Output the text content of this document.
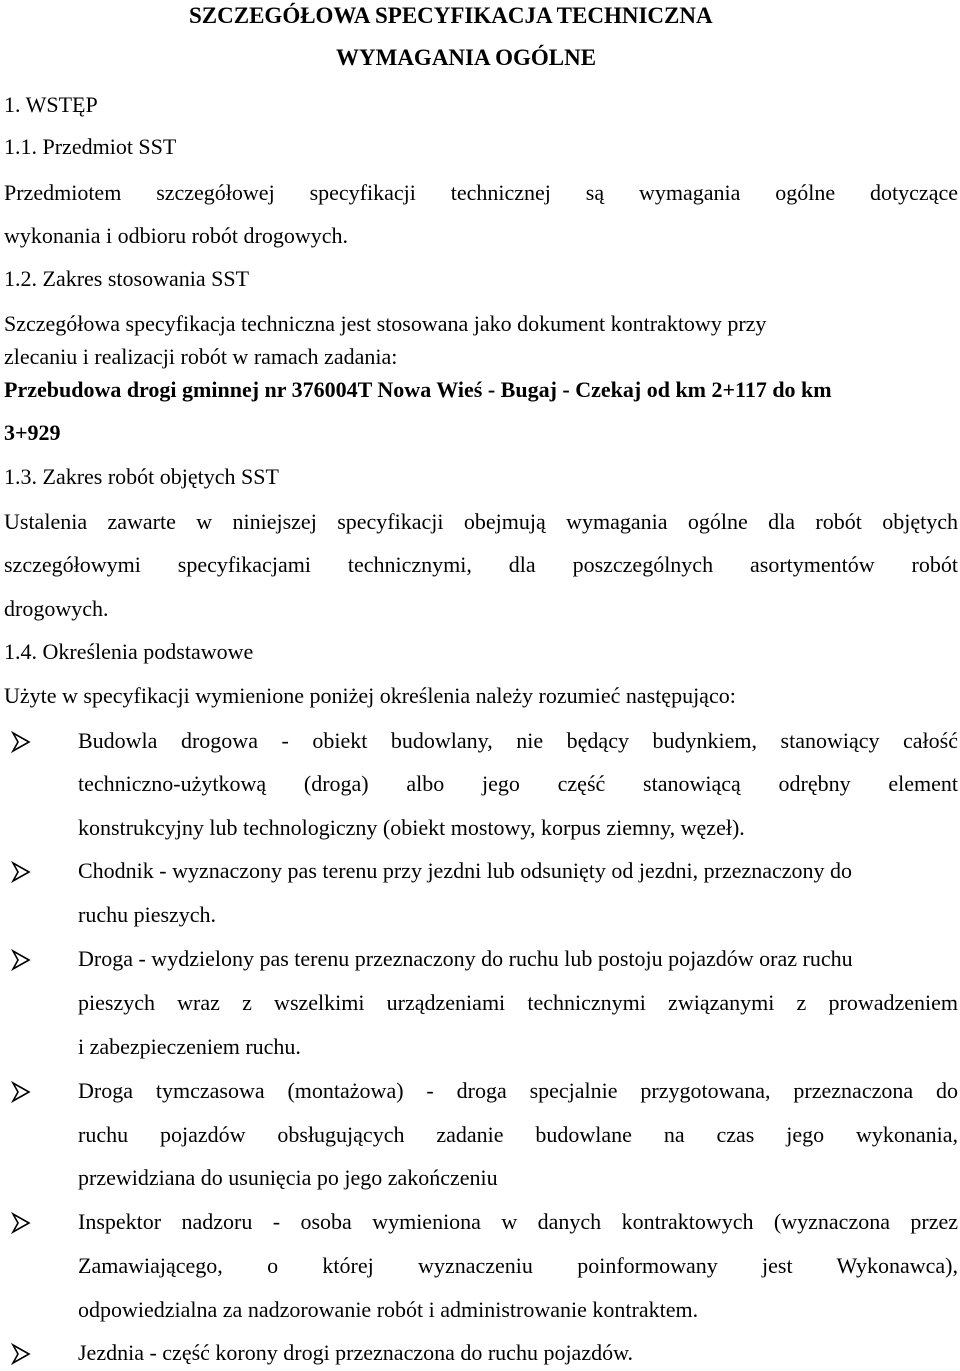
SZCZEGÓŁOWA SPECYFIKACJA TECHNICZNA
WYMAGANIA OGÓLNE
1. WSTĘP
1.1. Przedmiot SST
Przedmiotem szczegółowej specyfikacji technicznej są wymagania ogólne dotyczące
wykonania i odbioru robót drogowych.
1.2. Zakres stosowania SST
Szczegółowa specyfikacja techniczna jest stosowana jako dokument kontraktowy przy
zlecaniu i realizacji robót w ramach zadania:
Przebudowa drogi gminnej nr 376004T Nowa Wieś - Bugaj - Czekaj od km 2+117 do km
3+929
1.3. Zakres robót objętych SST
Ustalenia zawarte w niniejszej specyfikacji obejmują wymagania ogólne dla robót objętych
szczegółowymi specyfikacjami technicznymi, dla poszczególnych asortymentów robót
drogowych.
1.4. Określenia podstawowe
Użyte w specyfikacji wymienione poniżej określenia należy rozumieć następująco:
Budowla drogowa - obiekt budowlany, nie będący budynkiem, stanowiący całość
techniczno-użytkową (droga) albo jego część stanowiącą odrębny element
konstrukcyjny lub technologiczny (obiekt mostowy, korpus ziemny, węzeł).
Chodnik - wyznaczony pas terenu przy jezdni lub odsunięty od jezdni, przeznaczony do
ruchu pieszych.
Droga - wydzielony pas terenu przeznaczony do ruchu lub postoju pojazdów oraz ruchu
pieszych wraz z wszelkimi urządzeniami technicznymi związanymi z prowadzeniem
i zabezpieczeniem ruchu.
Droga tymczasowa (montażowa) - droga specjalnie przygotowana, przeznaczona do
ruchu pojazdów obsługujących zadanie budowlane na czas jego wykonania,
przewidziana do usunięcia po jego zakończeniu
Inspektor nadzoru - osoba wymieniona w danych kontraktowych (wyznaczona przez
Zamawiającego, o której wyznaczeniu poinformowany jest Wykonawca),
odpowiedzialna za nadzorowanie robót i administrowanie kontraktem.
Jezdnia - część korony drogi przeznaczona do ruchu pojazdów.
